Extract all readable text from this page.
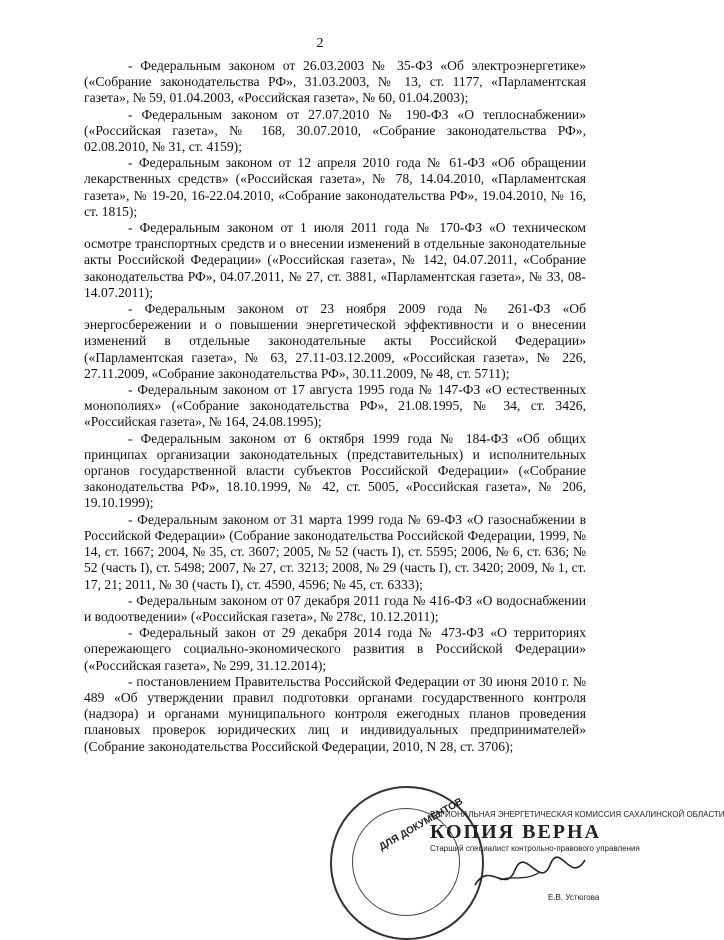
2

- Федеральным законом от 26.03.2003 № 35-ФЗ «Об электроэнергетике» («Собрание законодательства РФ», 31.03.2003, № 13, ст. 1177, «Парламентская газета», № 59, 01.04.2003, «Российская газета», № 60, 01.04.2003);

- Федеральным законом от 27.07.2010 № 190-ФЗ «О теплоснабжении» («Российская газета», № 168, 30.07.2010, «Собрание законодательства РФ», 02.08.2010, № 31, ст. 4159);

- Федеральным законом от 12 апреля 2010 года № 61-ФЗ «Об обращении лекарственных средств» («Российская газета», № 78, 14.04.2010, «Парламентская газета», № 19-20, 16-22.04.2010, «Собрание законодательства РФ», 19.04.2010, № 16, ст. 1815);

- Федеральным законом от 1 июля 2011 года № 170-ФЗ «О техническом осмотре транспортных средств и о внесении изменений в отдельные законодательные акты Российской Федерации» («Российская газета», № 142, 04.07.2011, «Собрание законодательства РФ», 04.07.2011, № 27, ст. 3881, «Парламентская газета», № 33, 08-14.07.2011);

- Федеральным законом от 23 ноября 2009 года № 261-ФЗ «Об энергосбережении и о повышении энергетической эффективности и о внесении изменений в отдельные законодательные акты Российской Федерации» («Парламентская газета», № 63, 27.11-03.12.2009, «Российская газета», № 226, 27.11.2009, «Собрание законодательства РФ», 30.11.2009, № 48, ст. 5711);

- Федеральным законом от 17 августа 1995 года № 147-ФЗ «О естественных монополиях» («Собрание законодательства РФ», 21.08.1995, № 34, ст. 3426, «Российская газета», № 164, 24.08.1995);

- Федеральным законом от 6 октября 1999 года № 184-ФЗ «Об общих принципах организации законодательных (представительных) и исполнительных органов государственной власти субъектов Российской Федерации» («Собрание законодательства РФ», 18.10.1999, № 42, ст. 5005, «Российская газета», № 206, 19.10.1999);

- Федеральным законом от 31 марта 1999 года № 69-ФЗ «О газоснабжении в Российской Федерации» (Собрание законодательства Российской Федерации, 1999, № 14, ст. 1667; 2004, № 35, ст. 3607; 2005, № 52 (часть I), ст. 5595; 2006, № 6, ст. 636; № 52 (часть I), ст. 5498; 2007, № 27, ст. 3213; 2008, № 29 (часть I), ст. 3420; 2009, № 1, ст. 17, 21; 2011, № 30 (часть I), ст. 4590, 4596; № 45, ст. 6333);

- Федеральным законом от 07 декабря 2011 года № 416-ФЗ «О водоснабжении и водоотведении» («Российская газета», № 278с, 10.12.2011);

- Федеральный закон от 29 декабря 2014 года № 473-ФЗ «О территориях опережающего социально-экономического развития в Российской Федерации» («Российская газета», № 299, 31.12.2014);

- постановлением Правительства Российской Федерации от 30 июня 2010 г. № 489 «Об утверждении правил подготовки органами государственного контроля (надзора) и органами муниципального контроля ежегодных планов проведения плановых проверок юридических лиц и индивидуальных предпринимателей» (Собрание законодательства Российской Федерации, 2010, N 28, ст. 3706);

ДЛЯ ДОКУМЕНТОВ
РЕГИОНАЛЬНАЯ ЭНЕРГЕТИЧЕСКАЯ КОМИССИЯ САХАЛИНСКОЙ ОБЛАСТИ
КОПИЯ ВЕРНА
Старший специалист контрольно-правового управления
Е.В. Устюгова
